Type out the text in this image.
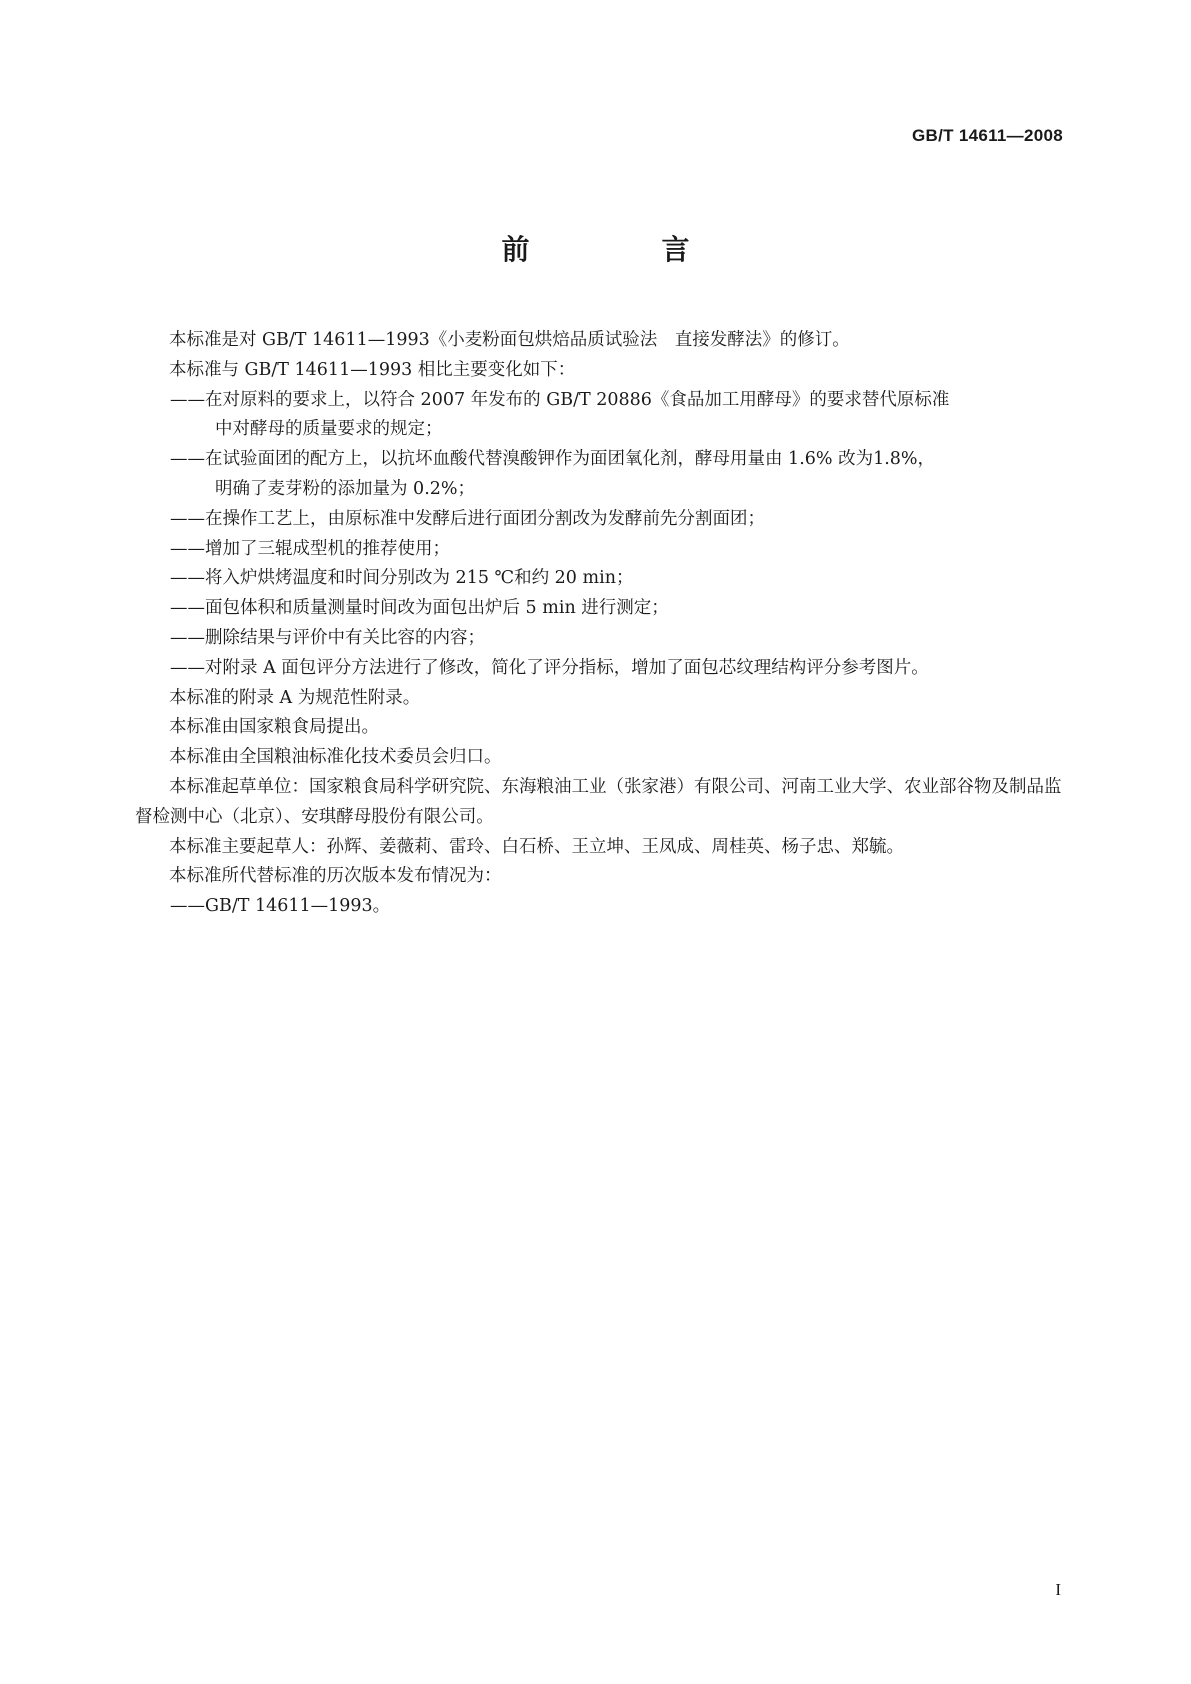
GB/T 14611—2008
前　言

本标准是对 GB/T 14611—1993《小麦粉面包烘焙品质试验法　直接发酵法》的修订。

本标准与 GB/T 14611—1993 相比主要变化如下：

——在对原料的要求上，以符合 2007 年发布的 GB/T 20886《食品加工用酵母》的要求替代原标准

中对酵母的质量要求的规定；

——在试验面团的配方上，以抗坏血酸代替溴酸钾作为面团氧化剂，酵母用量由 1.6% 改为1.8%，

明确了麦芽粉的添加量为 0.2%；

——在操作工艺上，由原标准中发酵后进行面团分割改为发酵前先分割面团；

——增加了三辊成型机的推荐使用；

——将入炉烘烤温度和时间分别改为 215 ℃和约 20 min；

——面包体积和质量测量时间改为面包出炉后 5 min 进行测定；

——删除结果与评价中有关比容的内容；

——对附录 A 面包评分方法进行了修改，简化了评分指标，增加了面包芯纹理结构评分参考图片。

本标准的附录 A 为规范性附录。

本标准由国家粮食局提出。

本标准由全国粮油标准化技术委员会归口。

本标准起草单位：国家粮食局科学研究院、东海粮油工业（张家港）有限公司、河南工业大学、农业部谷物及制品监督检测中心（北京）、安琪酵母股份有限公司。

本标准主要起草人：孙辉、姜薇莉、雷玲、白石桥、王立坤、王凤成、周桂英、杨子忠、郑毓。

本标准所代替标准的历次版本发布情况为：

——GB/T 14611—1993。

I
